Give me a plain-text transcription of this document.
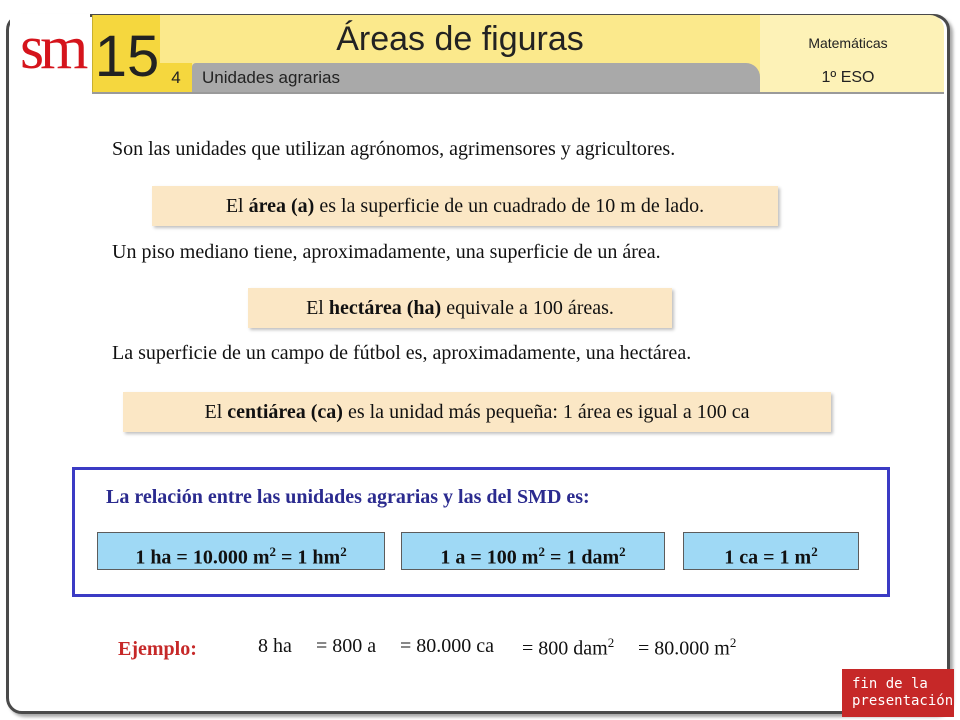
sm 15	Áreas de figuras	Matemáticas
1º ESO
4	Unidades agrarias
Son las unidades que utilizan agrónomos, agrimensores y agricultores.
El área (a) es la superficie de un cuadrado de 10 m de lado.
Un piso mediano tiene, aproximadamente, una superficie de un área.
El hectárea (ha) equivale a 100 áreas.
La superficie de un campo de fútbol es, aproximadamente, una hectárea.
El centiárea (ca) es la unidad más pequeña: 1 área es igual a 100 ca
La relación entre las unidades agrarias y las del SMD es:
1 ha = 10.000 $m^2 = 1$ $hm^2$	1 a = 100 $m^2 = 1$ dam$^2$	1 ca = 1 $m^2$
Ejemplo:	8 ha = 800 a = 80.000 ca = 800 dam$^2$ = 80.000 $m^2$
fin de la
presentación
